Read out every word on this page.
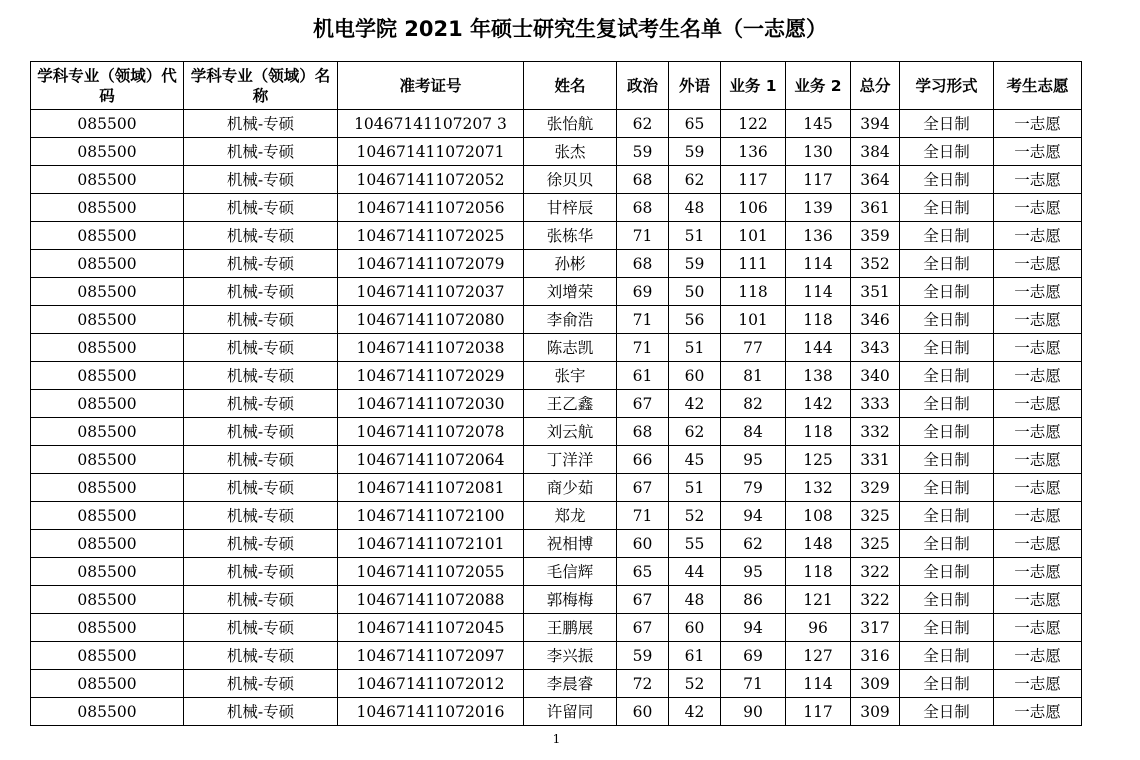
机电学院 2021 年硕士研究生复试考生名单（一志愿）
学科专业（领域）代码	学科专业（领域）名称	准考证号	姓名	政治	外语	业务 1	业务 2	总分	学习形式	考生志愿
085500	机械-专硕	10467141107207 3	张怡航	62	65	122	145	394	全日制	一志愿
085500	机械-专硕	104671411072071	张杰	59	59	136	130	384	全日制	一志愿
085500	机械-专硕	104671411072052	徐贝贝	68	62	117	117	364	全日制	一志愿
085500	机械-专硕	104671411072056	甘梓辰	68	48	106	139	361	全日制	一志愿
085500	机械-专硕	104671411072025	张栋华	71	51	101	136	359	全日制	一志愿
085500	机械-专硕	104671411072079	孙彬	68	59	111	114	352	全日制	一志愿
085500	机械-专硕	104671411072037	刘增荣	69	50	118	114	351	全日制	一志愿
085500	机械-专硕	104671411072080	李俞浩	71	56	101	118	346	全日制	一志愿
085500	机械-专硕	104671411072038	陈志凯	71	51	77	144	343	全日制	一志愿
085500	机械-专硕	104671411072029	张宇	61	60	81	138	340	全日制	一志愿
085500	机械-专硕	104671411072030	王乙鑫	67	42	82	142	333	全日制	一志愿
085500	机械-专硕	104671411072078	刘云航	68	62	84	118	332	全日制	一志愿
085500	机械-专硕	104671411072064	丁洋洋	66	45	95	125	331	全日制	一志愿
085500	机械-专硕	104671411072081	商少茹	67	51	79	132	329	全日制	一志愿
085500	机械-专硕	104671411072100	郑龙	71	52	94	108	325	全日制	一志愿
085500	机械-专硕	104671411072101	祝相博	60	55	62	148	325	全日制	一志愿
085500	机械-专硕	104671411072055	毛信辉	65	44	95	118	322	全日制	一志愿
085500	机械-专硕	104671411072088	郭梅梅	67	48	86	121	322	全日制	一志愿
085500	机械-专硕	104671411072045	王鹏展	67	60	94	96	317	全日制	一志愿
085500	机械-专硕	104671411072097	李兴振	59	61	69	127	316	全日制	一志愿
085500	机械-专硕	104671411072012	李晨睿	72	52	71	114	309	全日制	一志愿
085500	机械-专硕	104671411072016	许留同	60	42	90	117	309	全日制	一志愿
1
